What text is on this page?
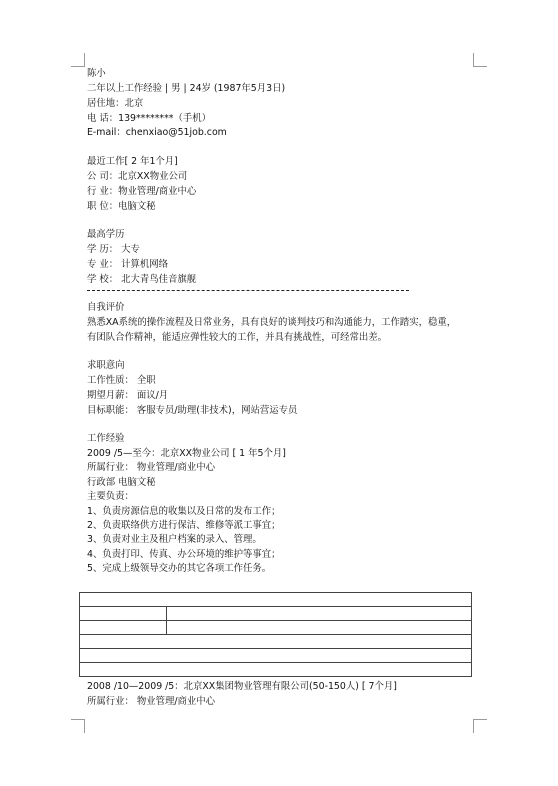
陈小
二年以上工作经验 | 男 | 24岁 (1987年5月3日)
居住地：北京
电 话：139********（手机）
E-mail：chenxiao@51job.com
最近工作[ 2 年1个月]
公 司：北京XX物业公司
行 业：物业管理/商业中心
职 位：电脑文秘
最高学历
学 历： 大专
专 业： 计算机网络
学 校： 北大青鸟佳音旗舰
自我评价
熟悉XA系统的操作流程及日常业务，具有良好的谈判技巧和沟通能力，工作踏实，稳重，
有团队合作精神，能适应弹性较大的工作，并具有挑战性，可经常出差。
求职意向
工作性质： 全职
期望月薪： 面议/月
目标职能： 客服专员/助理(非技术)，网站营运专员
工作经验
2009 /5—至今：北京XX物业公司 [ 1 年5个月]
所属行业： 物业管理/商业中心
行政部 电脑文秘
主要负责：
1、负责房源信息的收集以及日常的发布工作；
2、负责联络供方进行保洁、维修等派工事宜；
3、负责对业主及租户档案的录入、管理。
4、负责打印、传真、办公环境的维护等事宜；
5、完成上级领导交办的其它各项工作任务。

2008 /10—2009 /5：北京XX集团物业管理有限公司(50-150人) [ 7个月]
所属行业： 物业管理/商业中心
